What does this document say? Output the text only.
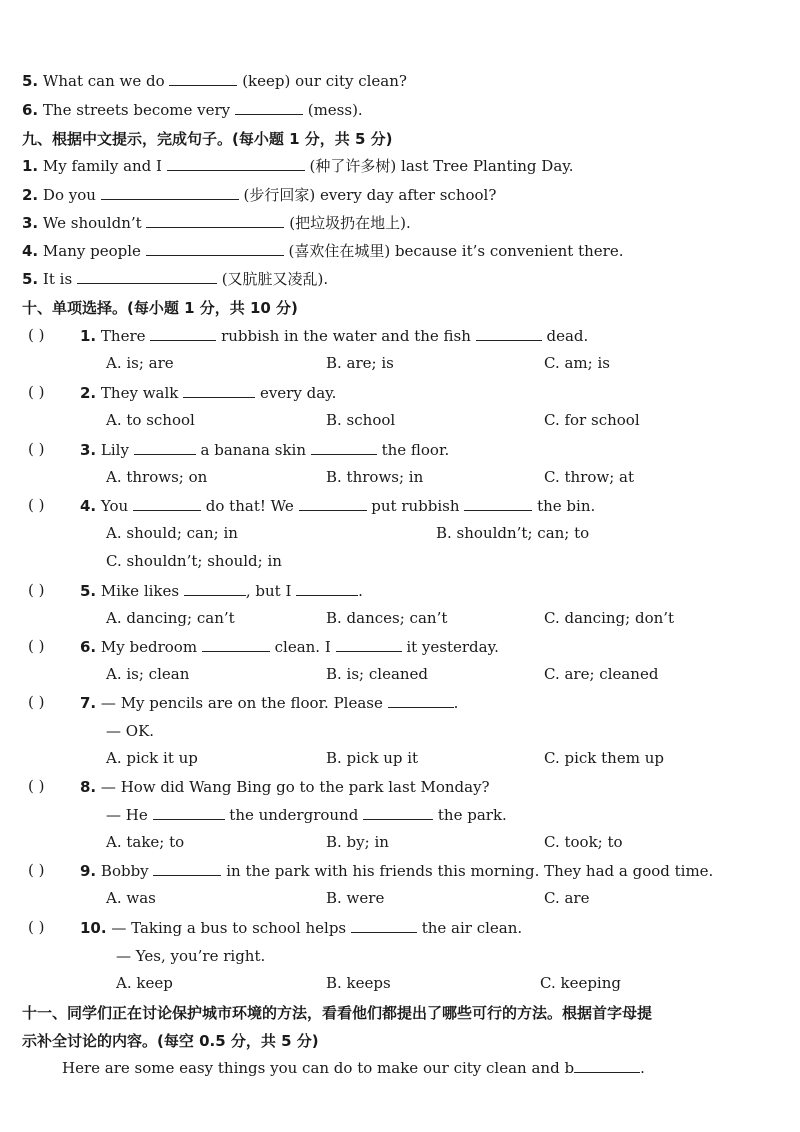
5. What can we do	(keep) our city clean?
6. The streets become very	(mess).
九、根据中文提示，完成句子。(每小题 1 分，共 5 分)
1. My family and I	(种了许多树) last Tree Planting Day.
2. Do you	(步行回家) every day after school?
3. We shouldn’t	(把垃圾扔在地上).
4. Many people	(喜欢住在城里) because it’s convenient there.
5. It is	(又肮脏又凌乱).
十、单项选择。(每小题 1 分，共 10 分)
( ) 1. There	rubbish in the water and the fish	dead.
A. is; are	B. are; is	C. am; is
( ) 2. They walk	every day.
A. to school	B. school	C. for school
( ) 3. Lily	a banana skin	the floor.
A. throws; on	B. throws; in	C. throw; at
( ) 4. You	do that! We	put rubbish	the bin.
A. should; can; in	B. shouldn’t; can; to
C. shouldn’t; should; in
( ) 5. Mike likes	, but I	.
A. dancing; can’t	B. dances; can’t	C. dancing; don’t
( ) 6. My bedroom	clean. I	it yesterday.
A. is; clean	B. is; cleaned	C. are; cleaned
( ) 7. — My pencils are on the floor. Please	.
— OK.
A. pick it up	B. pick up it	C. pick them up
( ) 8. — How did Wang Bing go to the park last Monday?
— He	the underground	the park.
A. take; to	B. by; in	C. took; to
( ) 9. Bobby	in the park with his friends this morning. They had a good time.
A. was	B. were	C. are
( ) 10. — Taking a bus to school helps	the air clean.
— Yes, you’re right.
A. keep	B. keeps	C. keeping
十一、同学们正在讨论保护城市环境的方法，看看他们都提出了哪些可行的方法。根据首字母提
示补全讨论的内容。(每空 0.5 分，共 5 分)
Here are some easy things you can do to make our city clean and b	.
